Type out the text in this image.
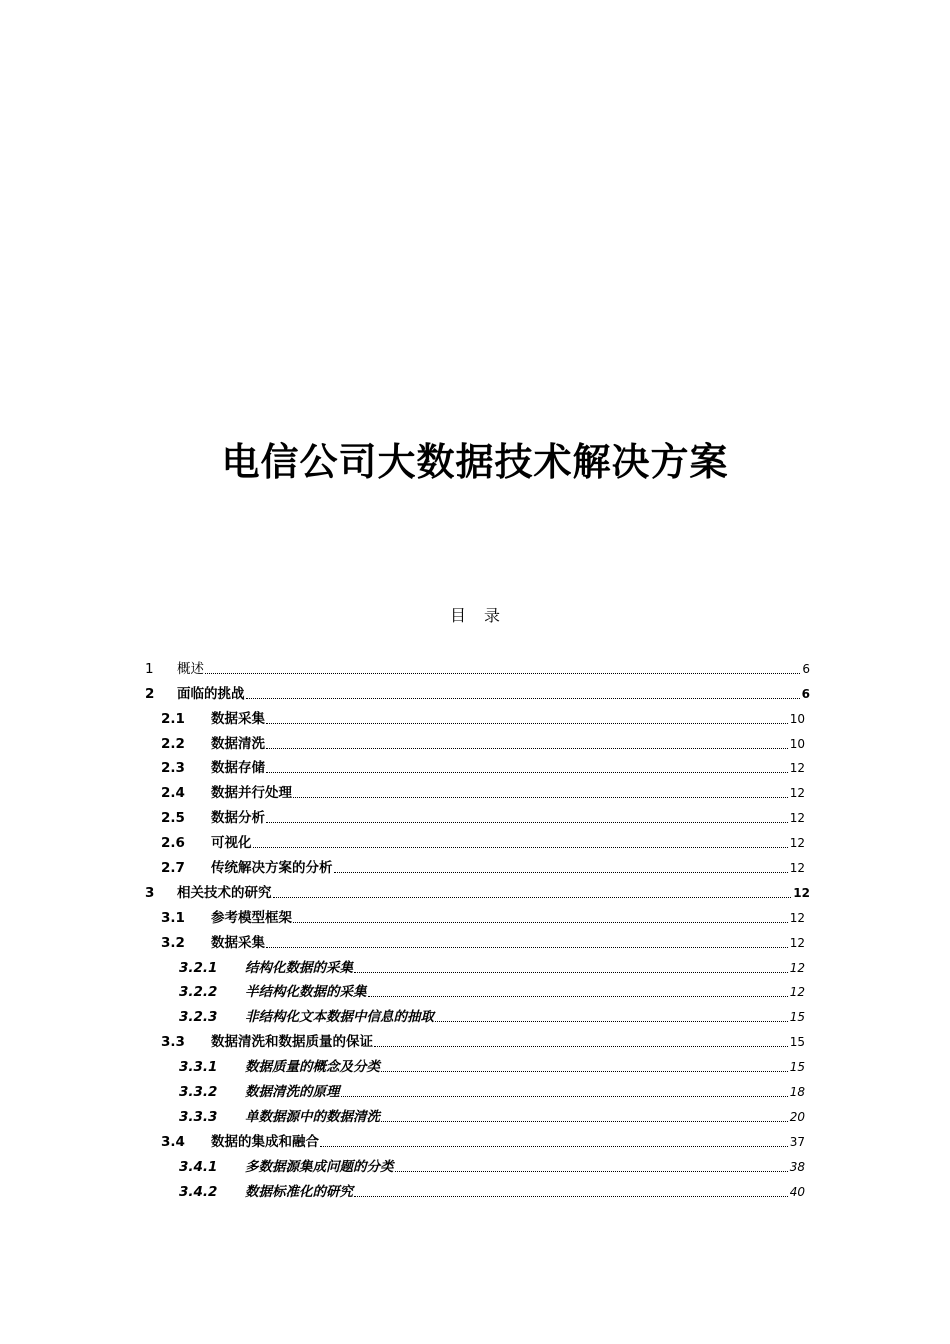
电信公司大数据技术解决方案
目录
1	概述	6
2	面临的挑战	6
2.1	数据采集	10
2.2	数据清洗	10
2.3	数据存储	12
2.4	数据并行处理	12
2.5	数据分析	12
2.6	可视化	12
2.7	传统解决方案的分析	12
3	相关技术的研究	12
3.1	参考模型框架	12
3.2	数据采集	12
3.2.1	结构化数据的采集	12
3.2.2	半结构化数据的采集	12
3.2.3	非结构化文本数据中信息的抽取	15
3.3	数据清洗和数据质量的保证	15
3.3.1	数据质量的概念及分类	15
3.3.2	数据清洗的原理	18
3.3.3	单数据源中的数据清洗	20
3.4	数据的集成和融合	37
3.4.1	多数据源集成问题的分类	38
3.4.2	数据标准化的研究	40
